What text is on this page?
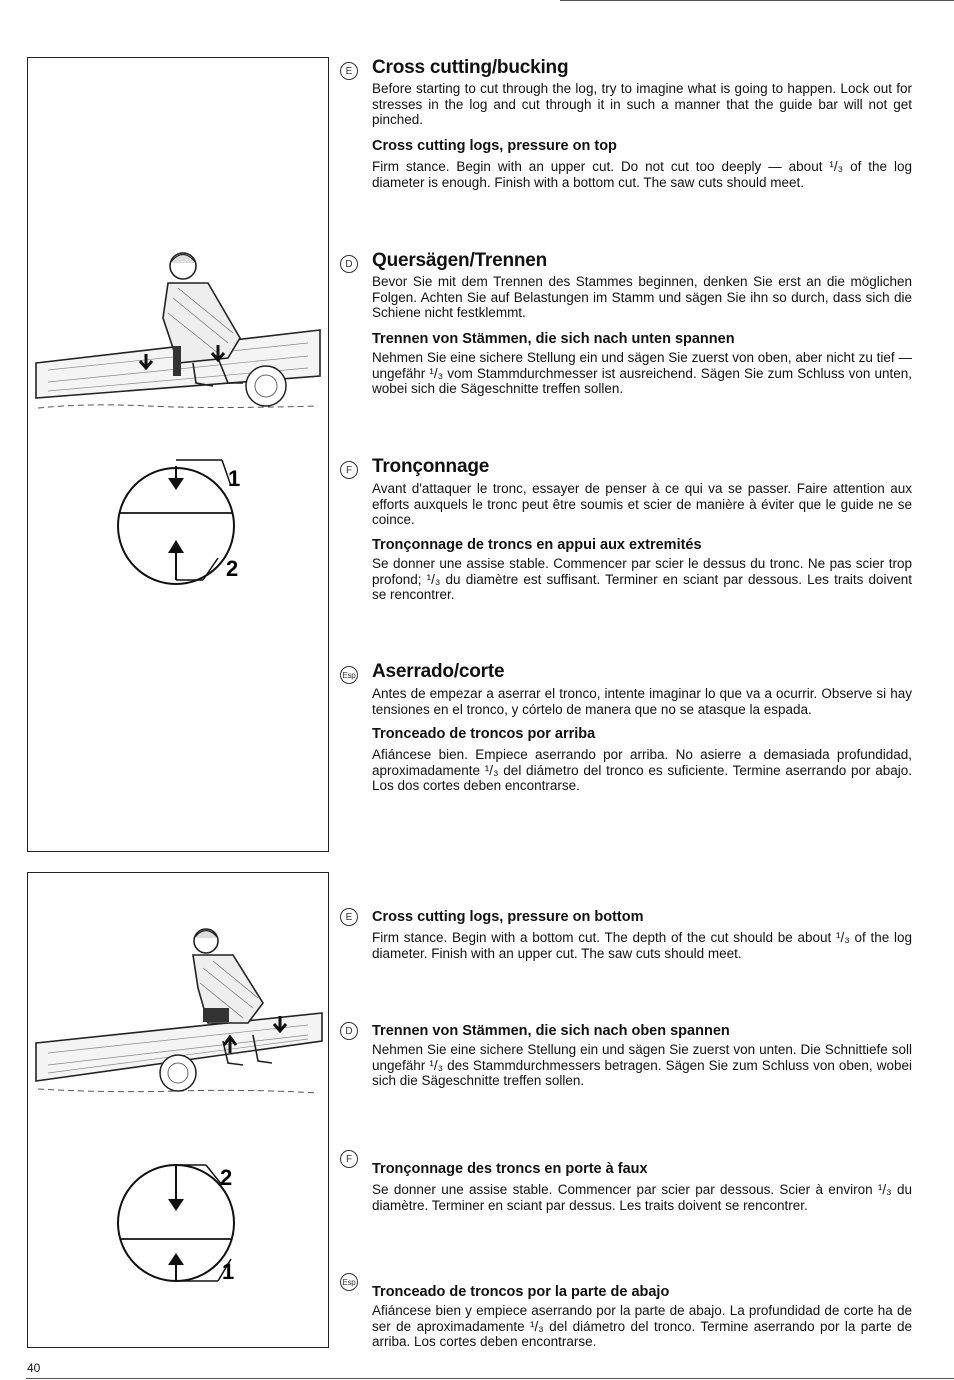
1
2
2
1
E Cross cutting/bucking
Before starting to cut through the log, try to imagine what is going to happen. Lock out for stresses in the log and cut through it in such a manner that the guide bar will not get pinched.
Cross cutting logs, pressure on top
Firm stance. Begin with an upper cut. Do not cut too deeply — about ¹/₃ of the log diameter is enough. Finish with a bottom cut. The saw cuts should meet.
D Quersägen/Trennen
Bevor Sie mit dem Trennen des Stammes beginnen, denken Sie erst an die möglichen Folgen. Achten Sie auf Belastungen im Stamm und sägen Sie ihn so durch, dass sich die Schiene nicht festklemmt.
Trennen von Stämmen, die sich nach unten spannen
Nehmen Sie eine sichere Stellung ein und sägen Sie zuerst von oben, aber nicht zu tief — ungefähr ¹/₃ vom Stammdurchmesser ist ausreichend. Sägen Sie zum Schluss von unten, wobei sich die Sägeschnitte treffen sollen.
F	Tronçonnage
Avant d'attaquer le tronc, essayer de penser à ce qui va se passer. Faire attention aux efforts auxquels le tronc peut être soumis et scier de manière à éviter que le guide ne se coince.
Tronçonnage de troncs en appui aux extremités
Se donner une assise stable. Commencer par scier le dessus du tronc. Ne pas scier trop profond; ¹/₃ du diamètre est suffisant. Terminer en sciant par dessous. Les traits doivent se rencontrer.
Esp Aserrado/corte
Antes de empezar a aserrar el tronco, intente imaginar lo que va a ocurrir. Observe si hay tensiones en el tronco, y córtelo de manera que no se atasque la espada.
Tronceado de troncos por arriba
Afiáncese bien. Empiece aserrando por arriba. No asierre a demasiada profundidad, aproximadamente ¹/₃ del diámetro del tronco es suficiente. Termine aserrando por abajo. Los dos cortes deben encontrarse.
E	Cross cutting logs, pressure on bottom
Firm stance. Begin with a bottom cut. The depth of the cut should be about ¹/₃ of the log diameter. Finish with an upper cut. The saw cuts should meet.
D	Trennen von Stämmen, die sich nach oben spannen
Nehmen Sie eine sichere Stellung ein und sägen Sie zuerst von unten. Die Schnittiefe soll ungefähr ¹/₃ des Stammdurchmessers betragen. Sägen Sie zum Schluss von oben, wobei sich die Sägeschnitte treffen sollen.
F
Tronçonnage des troncs en porte à faux
Se donner une assise stable. Commencer par scier par dessous. Scier à environ ¹/₃ du diamètre. Terminer en sciant par dessus. Les traits doivent se rencontrer.
Esp
Tronceado de troncos por la parte de abajo
Afiáncese bien y empiece aserrando por la parte de abajo. La profundidad de corte ha de ser de aproximadamente ¹/₃ del diámetro del tronco. Termine aserrando por la parte de arriba. Los cortes deben encontrarse.
40
